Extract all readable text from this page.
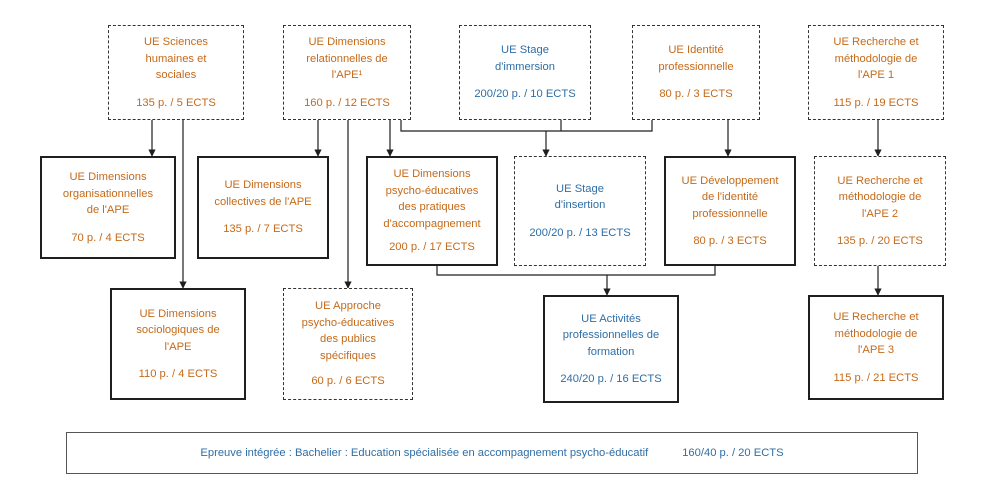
UE Sciences
humaines et
sociales
135 p. / 5 ECTS
UE Dimensions
relationnelles de
l'APE¹
160 p. / 12 ECTS
UE Stage
d'immersion
200/20 p. / 10 ECTS
UE Identité
professionnelle
80 p. / 3 ECTS
UE Recherche et
méthodologie de
l'APE 1
115 p. / 19 ECTS
UE Dimensions
organisationnelles
de l'APE
70 p. / 4 ECTS
UE Dimensions
collectives de l'APE
135 p. / 7 ECTS
UE Dimensions
psycho-éducatives
des pratiques
d'accompagnement
200 p. / 17 ECTS
UE Stage
d'insertion
200/20 p. / 13 ECTS
UE Développement
de l'identité
professionnelle
80 p. / 3 ECTS
UE Recherche et
méthodologie de
l'APE 2
135 p. / 20 ECTS
UE Dimensions
sociologiques de
l'APE
110 p. / 4 ECTS
UE Approche
psycho-éducatives
des publics
spécifiques
60 p. / 6 ECTS
UE Activités
professionnelles de
formation
240/20 p. / 16 ECTS
UE Recherche et
méthodologie de
l'APE 3
115 p. / 21 ECTS
Epreuve intégrée : Bachelier : Education spécialisée en accompagnement psycho-éducatif	160/40 p. / 20 ECTS
